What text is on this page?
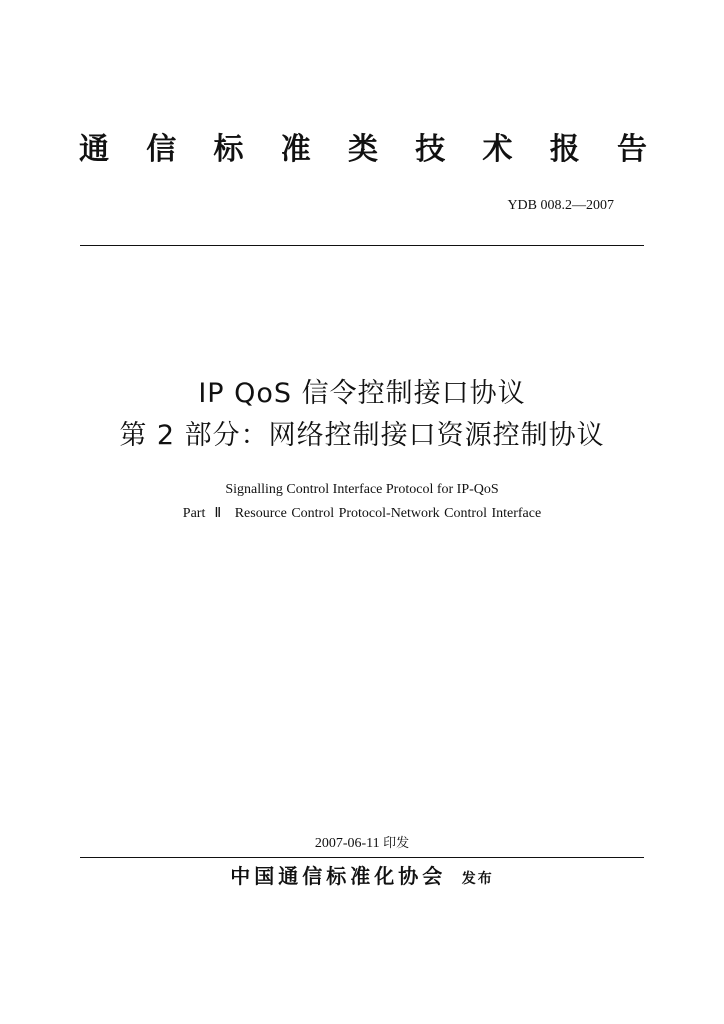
通 信 标 准 类 技 术 报 告
YDB 008.2—2007
IP QoS 信令控制接口协议
第 2 部分：网络控制接口资源控制协议
Signalling Control Interface Protocol for IP-QoS
Part  Ⅱ   Resource Control Protocol-Network Control Interface
2007-06-11 印发
中国通信标准化协会 发布
